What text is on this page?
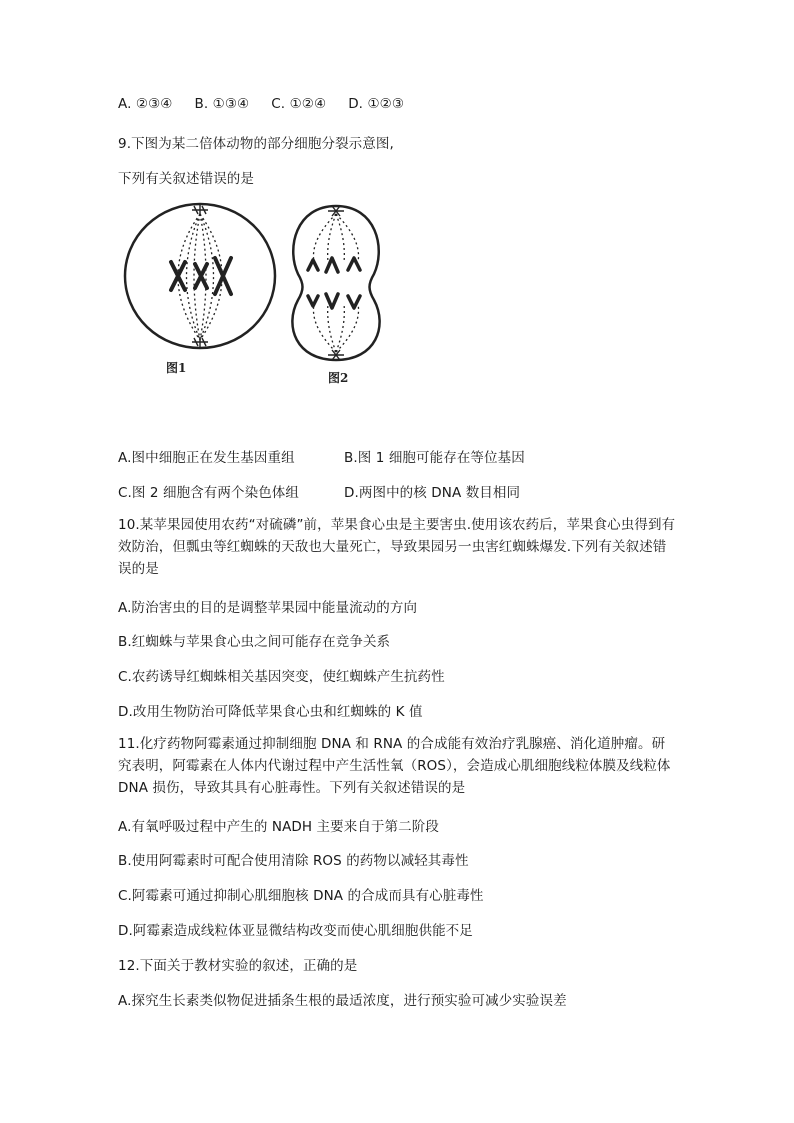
A. ②③④ B. ①③④ C. ①②④ D. ①②③
9.下图为某二倍体动物的部分细胞分裂示意图,
下列有关叙述错误的是
图1
图2
A.图中细胞正在发生基因重组	B.图 1 细胞可能存在等位基因
C.图 2 细胞含有两个染色体组	D.两图中的核 DNA 数目相同
10.某苹果园使用农药“对硫磷”前，苹果食心虫是主要害虫.使用该农药后，苹果食心虫得到有效防治，但瓢虫等红蜘蛛的天敌也大量死亡，导致果园另一虫害红蜘蛛爆发.下列有关叙述错误的是
A.防治害虫的目的是调整苹果园中能量流动的方向
B.红蜘蛛与苹果食心虫之间可能存在竞争关系
C.农药诱导红蜘蛛相关基因突变，使红蜘蛛产生抗药性
D.改用生物防治可降低苹果食心虫和红蜘蛛的 K 值
11.化疗药物阿霉素通过抑制细胞 DNA 和 RNA 的合成能有效治疗乳腺癌、消化道肿瘤。研究表明，阿霉素在人体内代谢过程中产生活性氧（ROS），会造成心肌细胞线粒体膜及线粒体 DNA 损伤，导致其具有心脏毒性。下列有关叙述错误的是
A.有氧呼吸过程中产生的 NADH 主要来自于第二阶段
B.使用阿霉素时可配合使用清除 ROS 的药物以减轻其毒性
C.阿霉素可通过抑制心肌细胞核 DNA 的合成而具有心脏毒性
D.阿霉素造成线粒体亚显微结构改变而使心肌细胞供能不足
12.下面关于教材实验的叙述，正确的是
A.探究生长素类似物促进插条生根的最适浓度，进行预实验可减少实验误差
